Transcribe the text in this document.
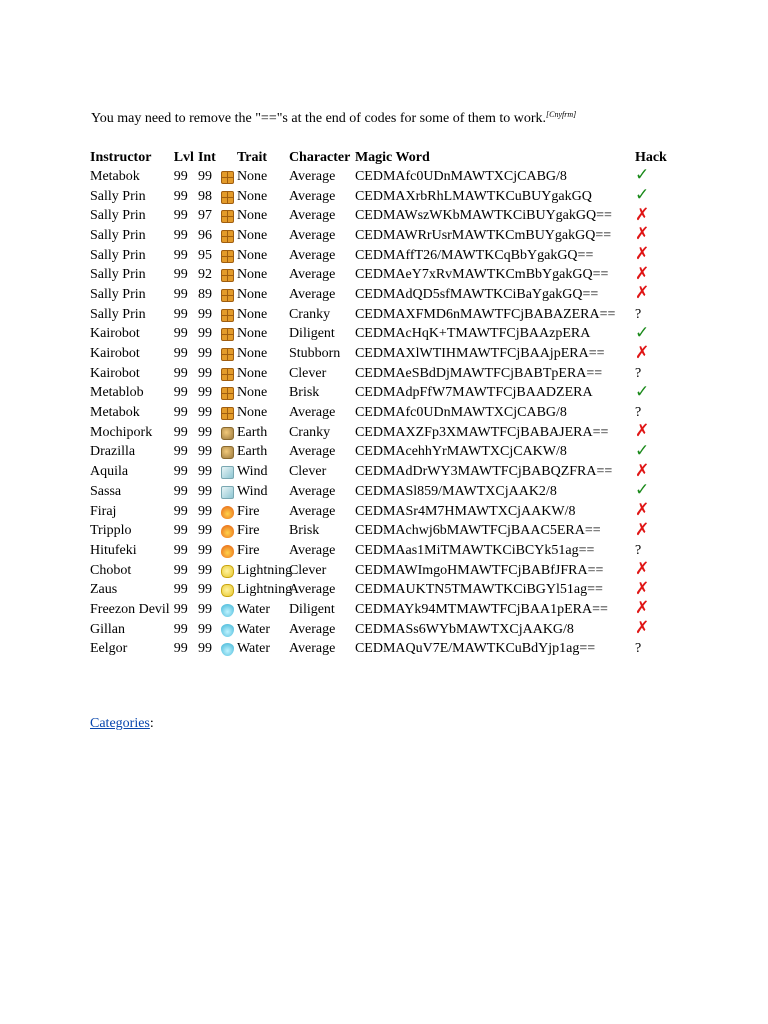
You may need to remove the "=="s at the end of codes for some of them to work.[Cnyfrm]
Instructor	Lvl	Int	Trait	Character	Magic Word	Hack
Metabok	99	99	None	Average	CEDMAfc0UDnMAWTXCjCABG/8	✓
Sally Prin	99	98	None	Average	CEDMAXrbRhLMAWTKCuBUYgakGQ	✓
Sally Prin	99	97	None	Average	CEDMAWszWKbMAWTKCiBUYgakGQ==	✗
Sally Prin	99	96	None	Average	CEDMAWRrUsrMAWTKCmBUYgakGQ==	✗
Sally Prin	99	95	None	Average	CEDMAffT26/MAWTKCqBbYgakGQ==	✗
Sally Prin	99	92	None	Average	CEDMAeY7xRvMAWTKCmBbYgakGQ==	✗
Sally Prin	99	89	None	Average	CEDMAdQD5sfMAWTKCiBaYgakGQ==	✗
Sally Prin	99	99	None	Cranky	CEDMAXFMD6nMAWTFCjBABAZERA==	?
Kairobot	99	99	None	Diligent	CEDMAcHqK+TMAWTFCjBAAzpERA	✓
Kairobot	99	99	None	Stubborn	CEDMAXlWTIHMAWTFCjBAAjpERA==	✗
Kairobot	99	99	None	Clever	CEDMAeSBdDjMAWTFCjBABTpERA==	?
Metablob	99	99	None	Brisk	CEDMAdpFfW7MAWTFCjBAADZERA	✓
Metabok	99	99	None	Average	CEDMAfc0UDnMAWTXCjCABG/8	?
Mochipork	99	99	Earth	Cranky	CEDMAXZFp3XMAWTFCjBABAJERA==	✗
Drazilla	99	99	Earth	Average	CEDMAcehhYrMAWTXCjCAKW/8	✓
Aquila	99	99	Wind	Clever	CEDMAdDrWY3MAWTFCjBABQZFRA==	✗
Sassa	99	99	Wind	Average	CEDMASl859/MAWTXCjAAK2/8	✓
Firaj	99	99	Fire	Average	CEDMASr4M7HMAWTXCjAAKW/8	✗
Tripplo	99	99	Fire	Brisk	CEDMAchwj6bMAWTFCjBAAC5ERA==	✗
Hitufeki	99	99	Fire	Average	CEDMAas1MiTMAWTKCiBCYk51ag==	?
Chobot	99	99	Lightning	Clever	CEDMAWImgoHMAWTFCjBABfJFRA==	✗
Zaus	99	99	Lightning	Average	CEDMAUKTN5TMAWTKCiBGYl51ag==	✗
Freezon Devil	99	99	Water	Diligent	CEDMAYk94MTMAWTFCjBAA1pERA==	✗
Gillan	99	99	Water	Average	CEDMASs6WYbMAWTXCjAAKG/8	✗
Eelgor	99	99	Water	Average	CEDMAQuV7E/MAWTKCuBdYjp1ag==	?
Categories:
